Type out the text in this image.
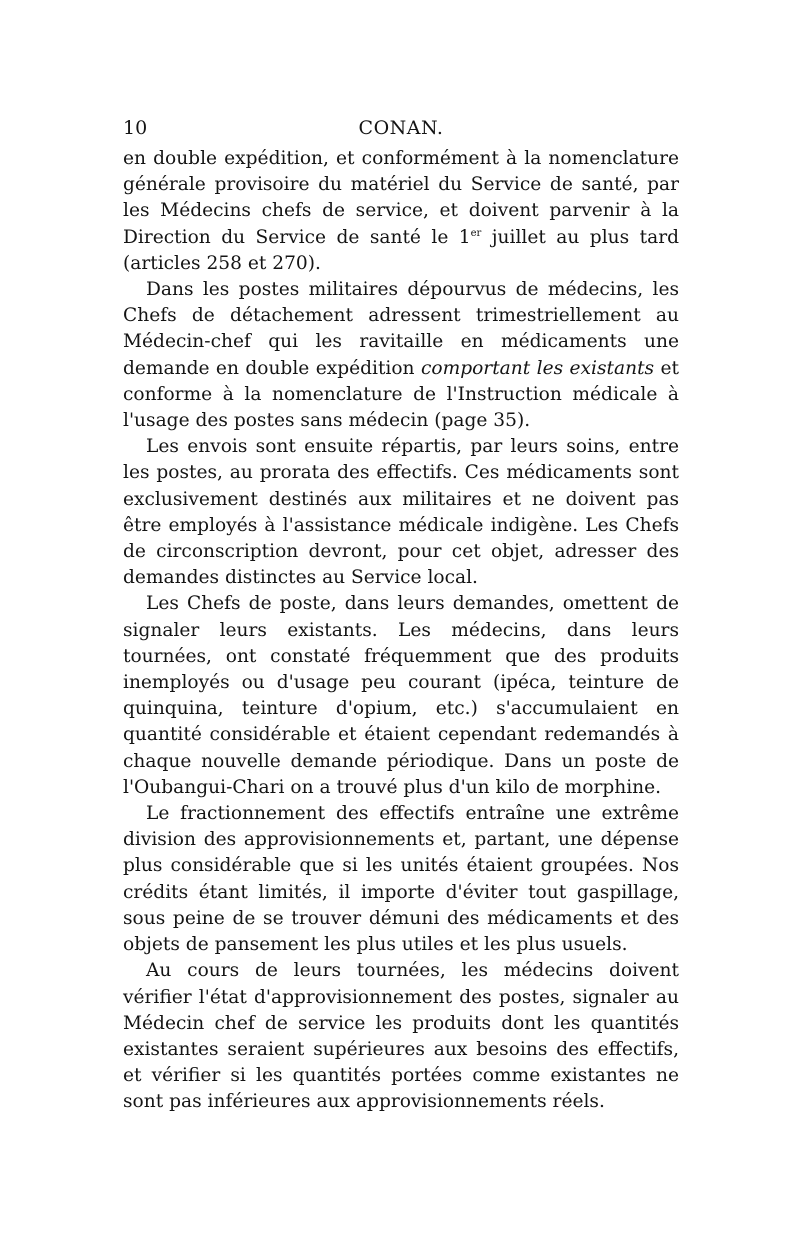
10	CONAN.

en double expédition, et conformément à la nomenclature générale provisoire du matériel du Service de santé, par les Médecins chefs de service, et doivent parvenir à la Direction du Service de santé le 1er juillet au plus tard (articles 258 et 270).

Dans les postes militaires dépourvus de médecins, les Chefs de détachement adressent trimestriellement au Médecin-chef qui les ravitaille en médicaments une demande en double expédition comportant les existants et conforme à la nomenclature de l'Instruction médicale à l'usage des postes sans médecin (page 35).

Les envois sont ensuite répartis, par leurs soins, entre les postes, au prorata des effectifs. Ces médicaments sont exclusivement destinés aux militaires et ne doivent pas être employés à l'assistance médicale indigène. Les Chefs de circonscription devront, pour cet objet, adresser des demandes distinctes au Service local.

Les Chefs de poste, dans leurs demandes, omettent de signaler leurs existants. Les médecins, dans leurs tournées, ont constaté fréquemment que des produits inemployés ou d'usage peu courant (ipéca, teinture de quinquina, teinture d'opium, etc.) s'accumulaient en quantité considérable et étaient cependant redemandés à chaque nouvelle demande périodique. Dans un poste de l'Oubangui-Chari on a trouvé plus d'un kilo de morphine.

Le fractionnement des effectifs entraîne une extrême division des approvisionnements et, partant, une dépense plus considérable que si les unités étaient groupées. Nos crédits étant limités, il importe d'éviter tout gaspillage, sous peine de se trouver démuni des médicaments et des objets de pansement les plus utiles et les plus usuels.

Au cours de leurs tournées, les médecins doivent vérifier l'état d'approvisionnement des postes, signaler au Médecin chef de service les produits dont les quantités existantes seraient supérieures aux besoins des effectifs, et vérifier si les quantités portées comme existantes ne sont pas inférieures aux approvisionnements réels.
